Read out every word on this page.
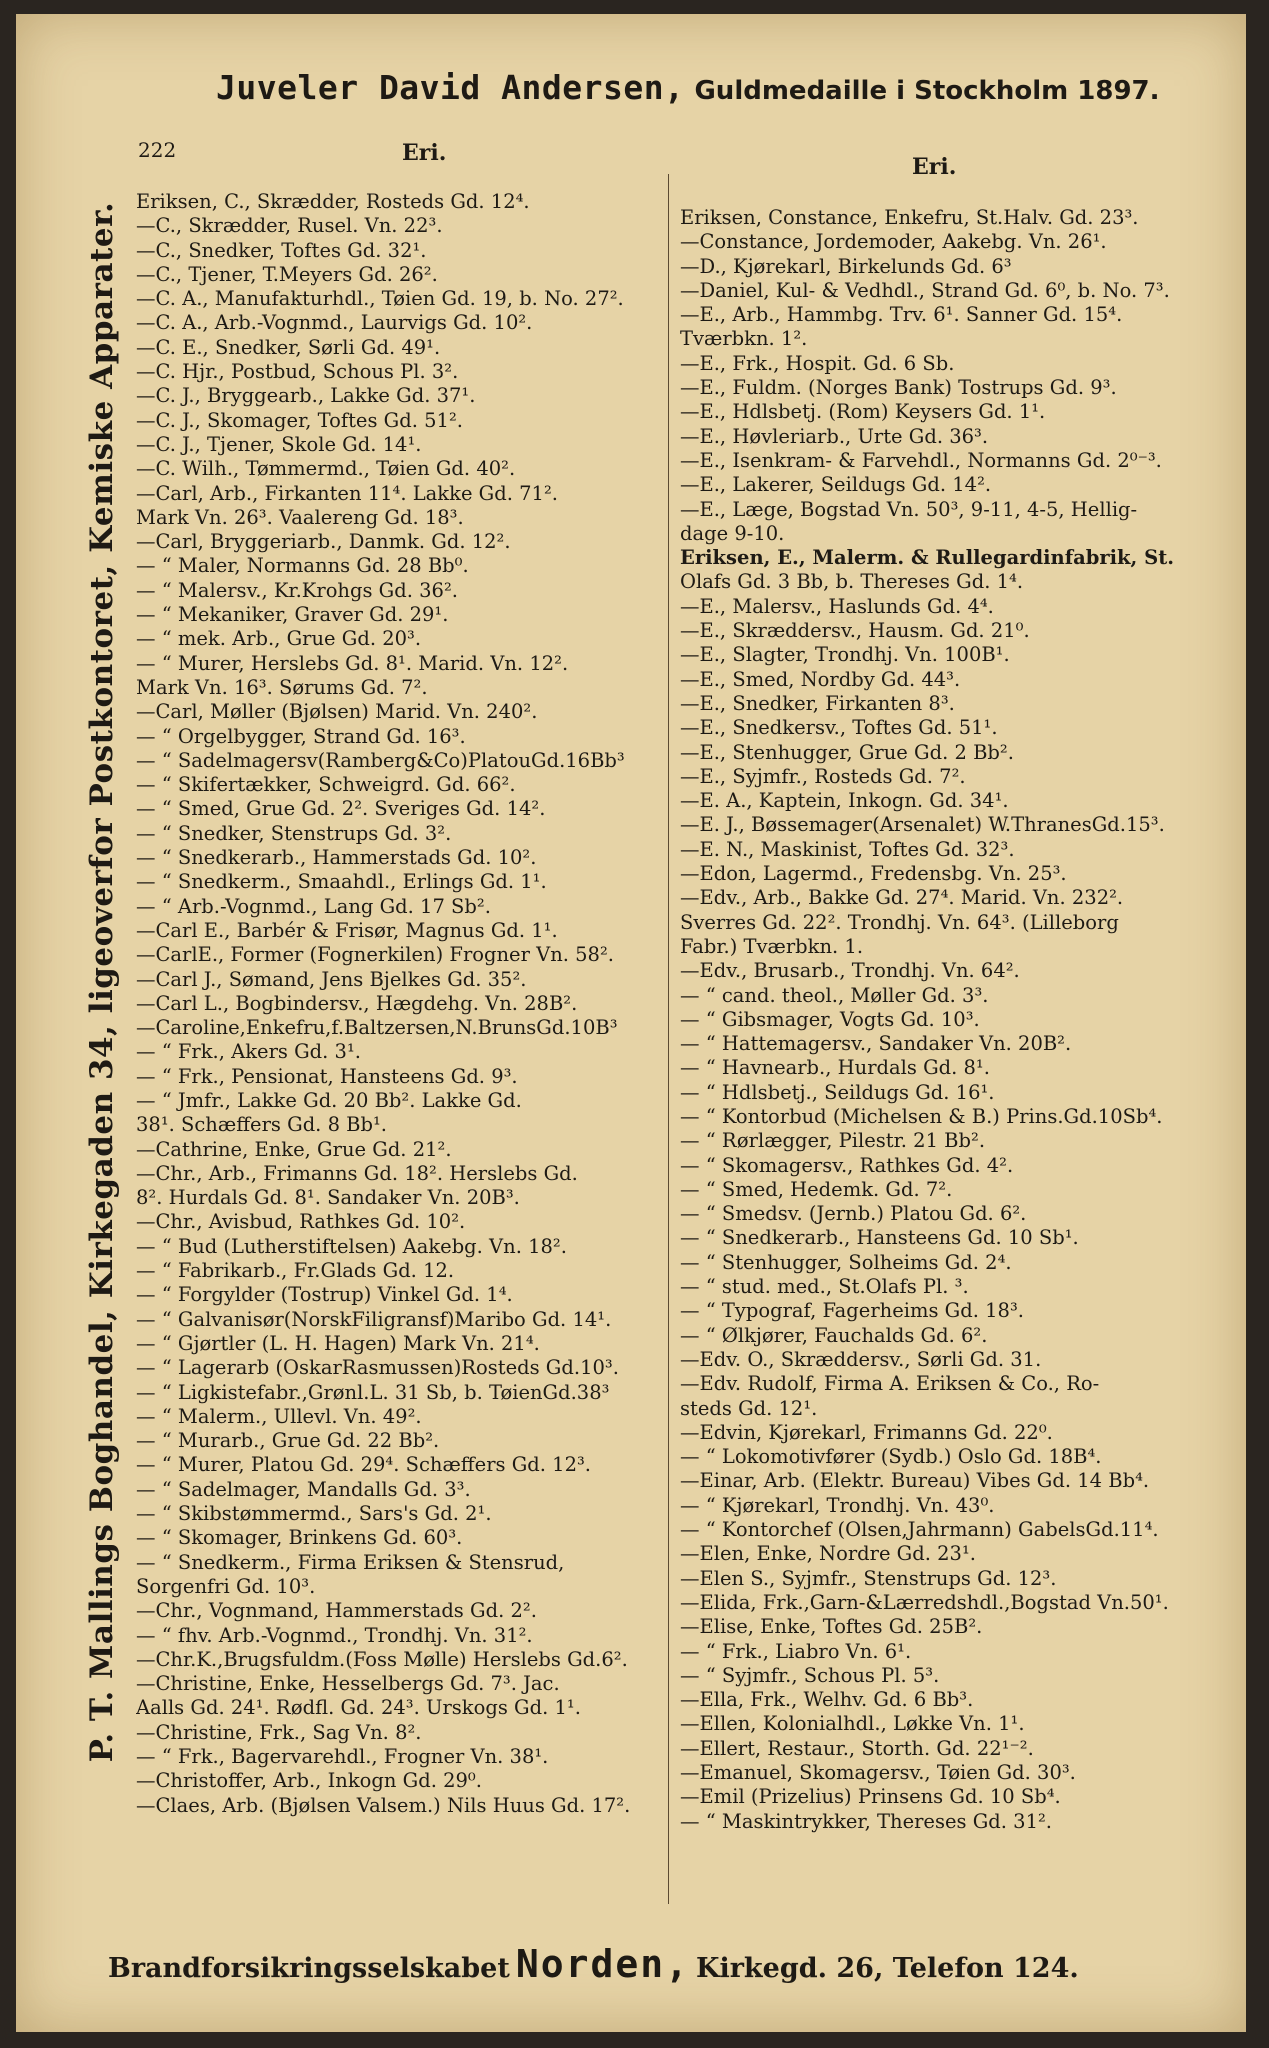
Juveler David Andersen, Guldmedaille i Stockholm 1897.
222	Eri.
Eri.
P. T. Mallings Boghandel, Kirkegaden 34, ligeoverfor Postkontoret, Kemiske Apparater.
Eriksen, C., Skrædder, Rosteds Gd. 12⁴.
—C., Skrædder, Rusel. Vn. 22³.
—C., Snedker, Toftes Gd. 32¹.
—C., Tjener, T.Meyers Gd. 26².
—C. A., Manufakturhdl., Tøien Gd. 19, b. No. 27².
—C. A., Arb.-Vognmd., Laurvigs Gd. 10².
—C. E., Snedker, Sørli Gd. 49¹.
—C. Hjr., Postbud, Schous Pl. 3².
—C. J., Bryggearb., Lakke Gd. 37¹.
—C. J., Skomager, Toftes Gd. 51².
—C. J., Tjener, Skole Gd. 14¹.
—C. Wilh., Tømmermd., Tøien Gd. 40².
—Carl, Arb., Firkanten 11⁴. Lakke Gd. 71².
Mark Vn. 26³. Vaalereng Gd. 18³.
—Carl, Bryggeriarb., Danmk. Gd. 12².
— “ Maler, Normanns Gd. 28 Bb⁰.
— “ Malersv., Kr.Krohgs Gd. 36².
— “ Mekaniker, Graver Gd. 29¹.
— “ mek. Arb., Grue Gd. 20³.
— “ Murer, Herslebs Gd. 8¹. Marid. Vn. 12².
Mark Vn. 16³. Sørums Gd. 7².
—Carl, Møller (Bjølsen) Marid. Vn. 240².
— “ Orgelbygger, Strand Gd. 16³.
— “ Sadelmagersv(Ramberg&Co)PlatouGd.16Bb³
— “ Skifertækker, Schweigrd. Gd. 66².
— “ Smed, Grue Gd. 2². Sveriges Gd. 14².
— “ Snedker, Stenstrups Gd. 3².
— “ Snedkerarb., Hammerstads Gd. 10².
— “ Snedkerm., Smaahdl., Erlings Gd. 1¹.
— “ Arb.-Vognmd., Lang Gd. 17 Sb².
—Carl E., Barbér & Frisør, Magnus Gd. 1¹.
—CarlE., Former (Fognerkilen) Frogner Vn. 58².
—Carl J., Sømand, Jens Bjelkes Gd. 35².
—Carl L., Bogbindersv., Hægdehg. Vn. 28B².
—Caroline,Enkefru,f.Baltzersen,N.BrunsGd.10B³
— “ Frk., Akers Gd. 3¹.
— “ Frk., Pensionat, Hansteens Gd. 9³.
— “ Jmfr., Lakke Gd. 20 Bb². Lakke Gd.
38¹. Schæffers Gd. 8 Bb¹.
—Cathrine, Enke, Grue Gd. 21².
—Chr., Arb., Frimanns Gd. 18². Herslebs Gd.
8². Hurdals Gd. 8¹. Sandaker Vn. 20B³.
—Chr., Avisbud, Rathkes Gd. 10².
— “ Bud (Lutherstiftelsen) Aakebg. Vn. 18².
— “ Fabrikarb., Fr.Glads Gd. 12.
— “ Forgylder (Tostrup) Vinkel Gd. 1⁴.
— “ Galvanisør(NorskFiligransf)Maribo Gd. 14¹.
— “ Gjørtler (L. H. Hagen) Mark Vn. 21⁴.
— “ Lagerarb (OskarRasmussen)Rosteds Gd.10³.
— “ Ligkistefabr.,Grønl.L. 31 Sb, b. TøienGd.38³
— “ Malerm., Ullevl. Vn. 49².
— “ Murarb., Grue Gd. 22 Bb².
— “ Murer, Platou Gd. 29⁴. Schæffers Gd. 12³.
— “ Sadelmager, Mandalls Gd. 3³.
— “ Skibstømmermd., Sars's Gd. 2¹.
— “ Skomager, Brinkens Gd. 60³.
— “ Snedkerm., Firma Eriksen & Stensrud,
Sorgenfri Gd. 10³.
—Chr., Vognmand, Hammerstads Gd. 2².
— “ fhv. Arb.-Vognmd., Trondhj. Vn. 31².
—Chr.K.,Brugsfuldm.(Foss Mølle) Herslebs Gd.6².
—Christine, Enke, Hesselbergs Gd. 7³. Jac.
Aalls Gd. 24¹. Rødfl. Gd. 24³. Urskogs Gd. 1¹.
—Christine, Frk., Sag Vn. 8².
— “ Frk., Bagervarehdl., Frogner Vn. 38¹.
—Christoffer, Arb., Inkogn Gd. 29⁰.
—Claes, Arb. (Bjølsen Valsem.) Nils Huus Gd. 17².
Eriksen, Constance, Enkefru, St.Halv. Gd. 23³.
—Constance, Jordemoder, Aakebg. Vn. 26¹.
—D., Kjørekarl, Birkelunds Gd. 6³
—Daniel, Kul- & Vedhdl., Strand Gd. 6⁰, b. No. 7³.
—E., Arb., Hammbg. Trv. 6¹. Sanner Gd. 15⁴.
Tværbkn. 1².
—E., Frk., Hospit. Gd. 6 Sb.
—E., Fuldm. (Norges Bank) Tostrups Gd. 9³.
—E., Hdlsbetj. (Rom) Keysers Gd. 1¹.
—E., Høvleriarb., Urte Gd. 36³.
—E., Isenkram- & Farvehdl., Normanns Gd. 2⁰⁻³.
—E., Lakerer, Seildugs Gd. 14².
—E., Læge, Bogstad Vn. 50³, 9-11, 4-5, Hellig-
dage 9-10.
Eriksen, E., Malerm. & Rullegardinfabrik, St.
Olafs Gd. 3 Bb, b. Thereses Gd. 1⁴.
—E., Malersv., Haslunds Gd. 4⁴.
—E., Skræddersv., Hausm. Gd. 21⁰.
—E., Slagter, Trondhj. Vn. 100B¹.
—E., Smed, Nordby Gd. 44³.
—E., Snedker, Firkanten 8³.
—E., Snedkersv., Toftes Gd. 51¹.
—E., Stenhugger, Grue Gd. 2 Bb².
—E., Syjmfr., Rosteds Gd. 7².
—E. A., Kaptein, Inkogn. Gd. 34¹.
—E. J., Bøssemager(Arsenalet) W.ThranesGd.15³.
—E. N., Maskinist, Toftes Gd. 32³.
—Edon, Lagermd., Fredensbg. Vn. 25³.
—Edv., Arb., Bakke Gd. 27⁴. Marid. Vn. 232².
Sverres Gd. 22². Trondhj. Vn. 64³. (Lilleborg
Fabr.) Tværbkn. 1.
—Edv., Brusarb., Trondhj. Vn. 64².
— “ cand. theol., Møller Gd. 3³.
— “ Gibsmager, Vogts Gd. 10³.
— “ Hattemagersv., Sandaker Vn. 20B².
— “ Havnearb., Hurdals Gd. 8¹.
— “ Hdlsbetj., Seildugs Gd. 16¹.
— “ Kontorbud (Michelsen & B.) Prins.Gd.10Sb⁴.
— “ Rørlægger, Pilestr. 21 Bb².
— “ Skomagersv., Rathkes Gd. 4².
— “ Smed, Hedemk. Gd. 7².
— “ Smedsv. (Jernb.) Platou Gd. 6².
— “ Snedkerarb., Hansteens Gd. 10 Sb¹.
— “ Stenhugger, Solheims Gd. 2⁴.
— “ stud. med., St.Olafs Pl. ³.
— “ Typograf, Fagerheims Gd. 18³.
— “ Ølkjører, Fauchalds Gd. 6².
—Edv. O., Skræddersv., Sørli Gd. 31.
—Edv. Rudolf, Firma A. Eriksen & Co., Ro-
steds Gd. 12¹.
—Edvin, Kjørekarl, Frimanns Gd. 22⁰.
— “ Lokomotivfører (Sydb.) Oslo Gd. 18B⁴.
—Einar, Arb. (Elektr. Bureau) Vibes Gd. 14 Bb⁴.
— “ Kjørekarl, Trondhj. Vn. 43⁰.
— “ Kontorchef (Olsen,Jahrmann) GabelsGd.11⁴.
—Elen, Enke, Nordre Gd. 23¹.
—Elen S., Syjmfr., Stenstrups Gd. 12³.
—Elida, Frk.,Garn-&Lærredshdl.,Bogstad Vn.50¹.
—Elise, Enke, Toftes Gd. 25B².
— “ Frk., Liabro Vn. 6¹.
— “ Syjmfr., Schous Pl. 5³.
—Ella, Frk., Welhv. Gd. 6 Bb³.
—Ellen, Kolonialhdl., Løkke Vn. 1¹.
—Ellert, Restaur., Storth. Gd. 22¹⁻².
—Emanuel, Skomagersv., Tøien Gd. 30³.
—Emil (Prizelius) Prinsens Gd. 10 Sb⁴.
— “ Maskintrykker, Thereses Gd. 31².
Brandforsikringsselskabet Norden, Kirkegd. 26, Telefon 124.
